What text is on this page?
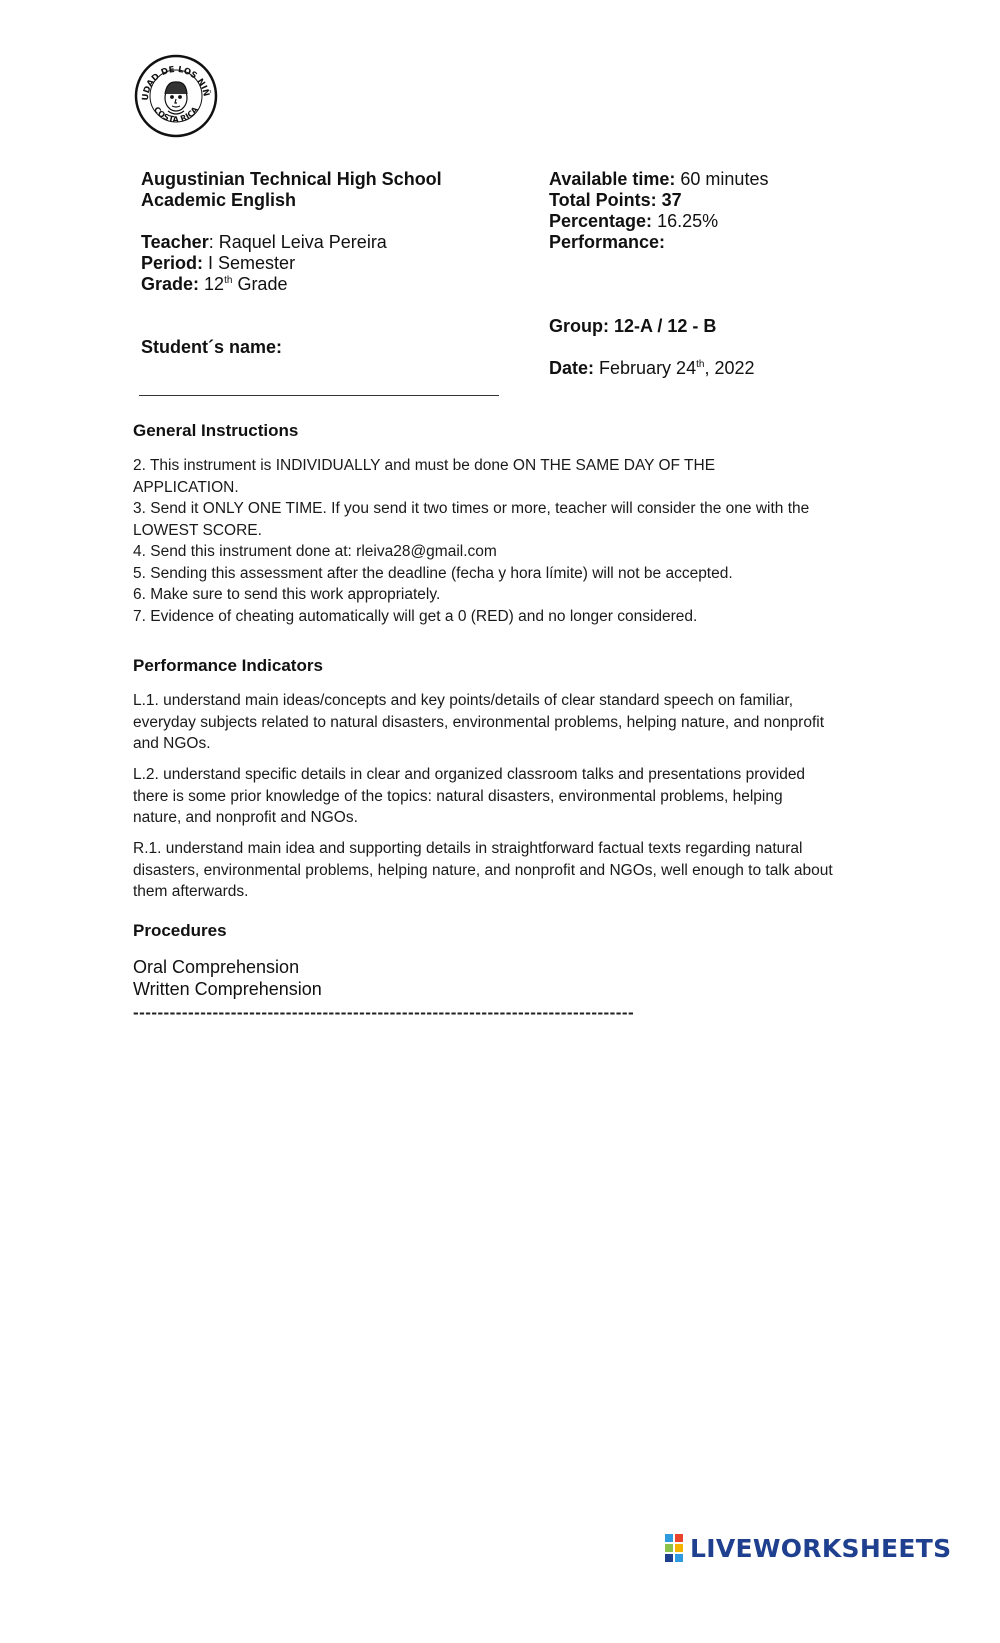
UDAD DE LOS NIÑ
COSTA RICA
Augustinian Technical High School
Academic English
Teacher: Raquel Leiva Pereira
Period: I Semester
Grade: 12th Grade
Student´s name:
Available time: 60 minutes
Total Points: 37
Percentage: 16.25%
Performance:
Group: 12-A / 12 - B
Date: February 24th, 2022
General Instructions
2. This instrument is INDIVIDUALLY and must be done ON THE SAME DAY OF THE APPLICATION.
3. Send it ONLY ONE TIME. If you send it two times or more, teacher will consider the one with the LOWEST SCORE.
4. Send this instrument done at: rleiva28@gmail.com
5. Sending this assessment after the deadline (fecha y hora límite) will not be accepted.
6. Make sure to send this work appropriately.
7. Evidence of cheating automatically will get a 0 (RED) and no longer considered.
Performance Indicators
L.1. understand main ideas/concepts and key points/details of clear standard speech on familiar, everyday subjects related to natural disasters, environmental problems, helping nature, and nonprofit and NGOs.
L.2. understand specific details in clear and organized classroom talks and presentations provided there is some prior knowledge of the topics: natural disasters, environmental problems, helping nature, and nonprofit and NGOs.
R.1. understand main idea and supporting details in straightforward factual texts regarding natural disasters, environmental problems, helping nature, and nonprofit and NGOs, well enough to talk about them afterwards.
Procedures
Oral Comprehension
Written Comprehension
----------------------------------------------------------------------------------

LIVEWORKSHEETS
